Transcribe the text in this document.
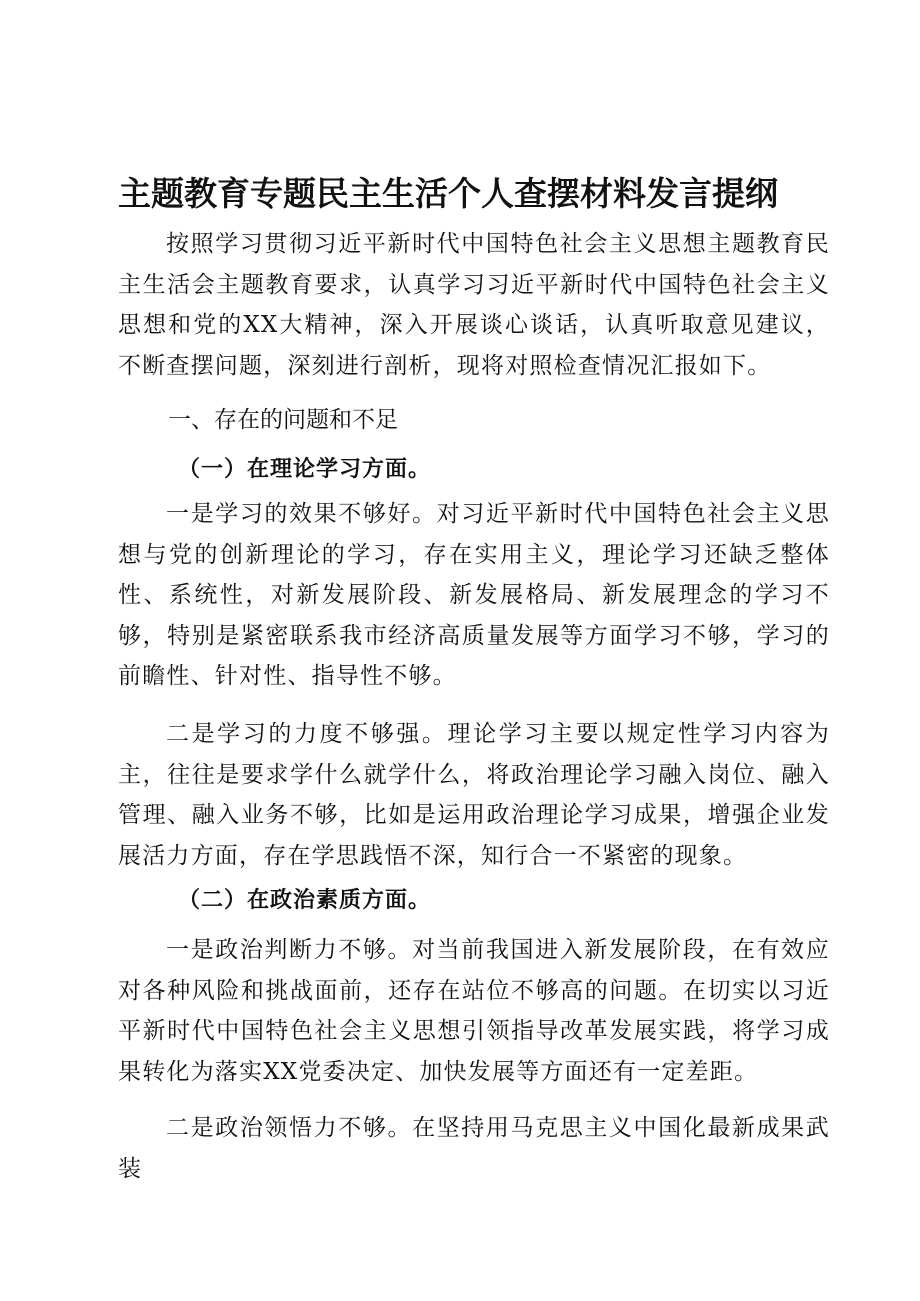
主题教育专题民主生活个人查摆材料发言提纲

按照学习贯彻习近平新时代中国特色社会主义思想主题教育民主生活会主题教育要求，认真学习习近平新时代中国特色社会主义思想和党的XX大精神，深入开展谈心谈话，认真听取意见建议，不断查摆问题，深刻进行剖析，现将对照检查情况汇报如下。

一、存在的问题和不足
（一）在理论学习方面。

一是学习的效果不够好。对习近平新时代中国特色社会主义思想与党的创新理论的学习，存在实用主义，理论学习还缺乏整体性、系统性，对新发展阶段、新发展格局、新发展理念的学习不够，特别是紧密联系我市经济高质量发展等方面学习不够，学习的前瞻性、针对性、指导性不够。

二是学习的力度不够强。理论学习主要以规定性学习内容为主，往往是要求学什么就学什么，将政治理论学习融入岗位、融入管理、融入业务不够，比如是运用政治理论学习成果，增强企业发展活力方面，存在学思践悟不深，知行合一不紧密的现象。

（二）在政治素质方面。

一是政治判断力不够。对当前我国进入新发展阶段，在有效应对各种风险和挑战面前，还存在站位不够高的问题。在切实以习近平新时代中国特色社会主义思想引领指导改革发展实践，将学习成果转化为落实XX党委决定、加快发展等方面还有一定差距。

二是政治领悟力不够。在坚持用马克思主义中国化最新成果武装
